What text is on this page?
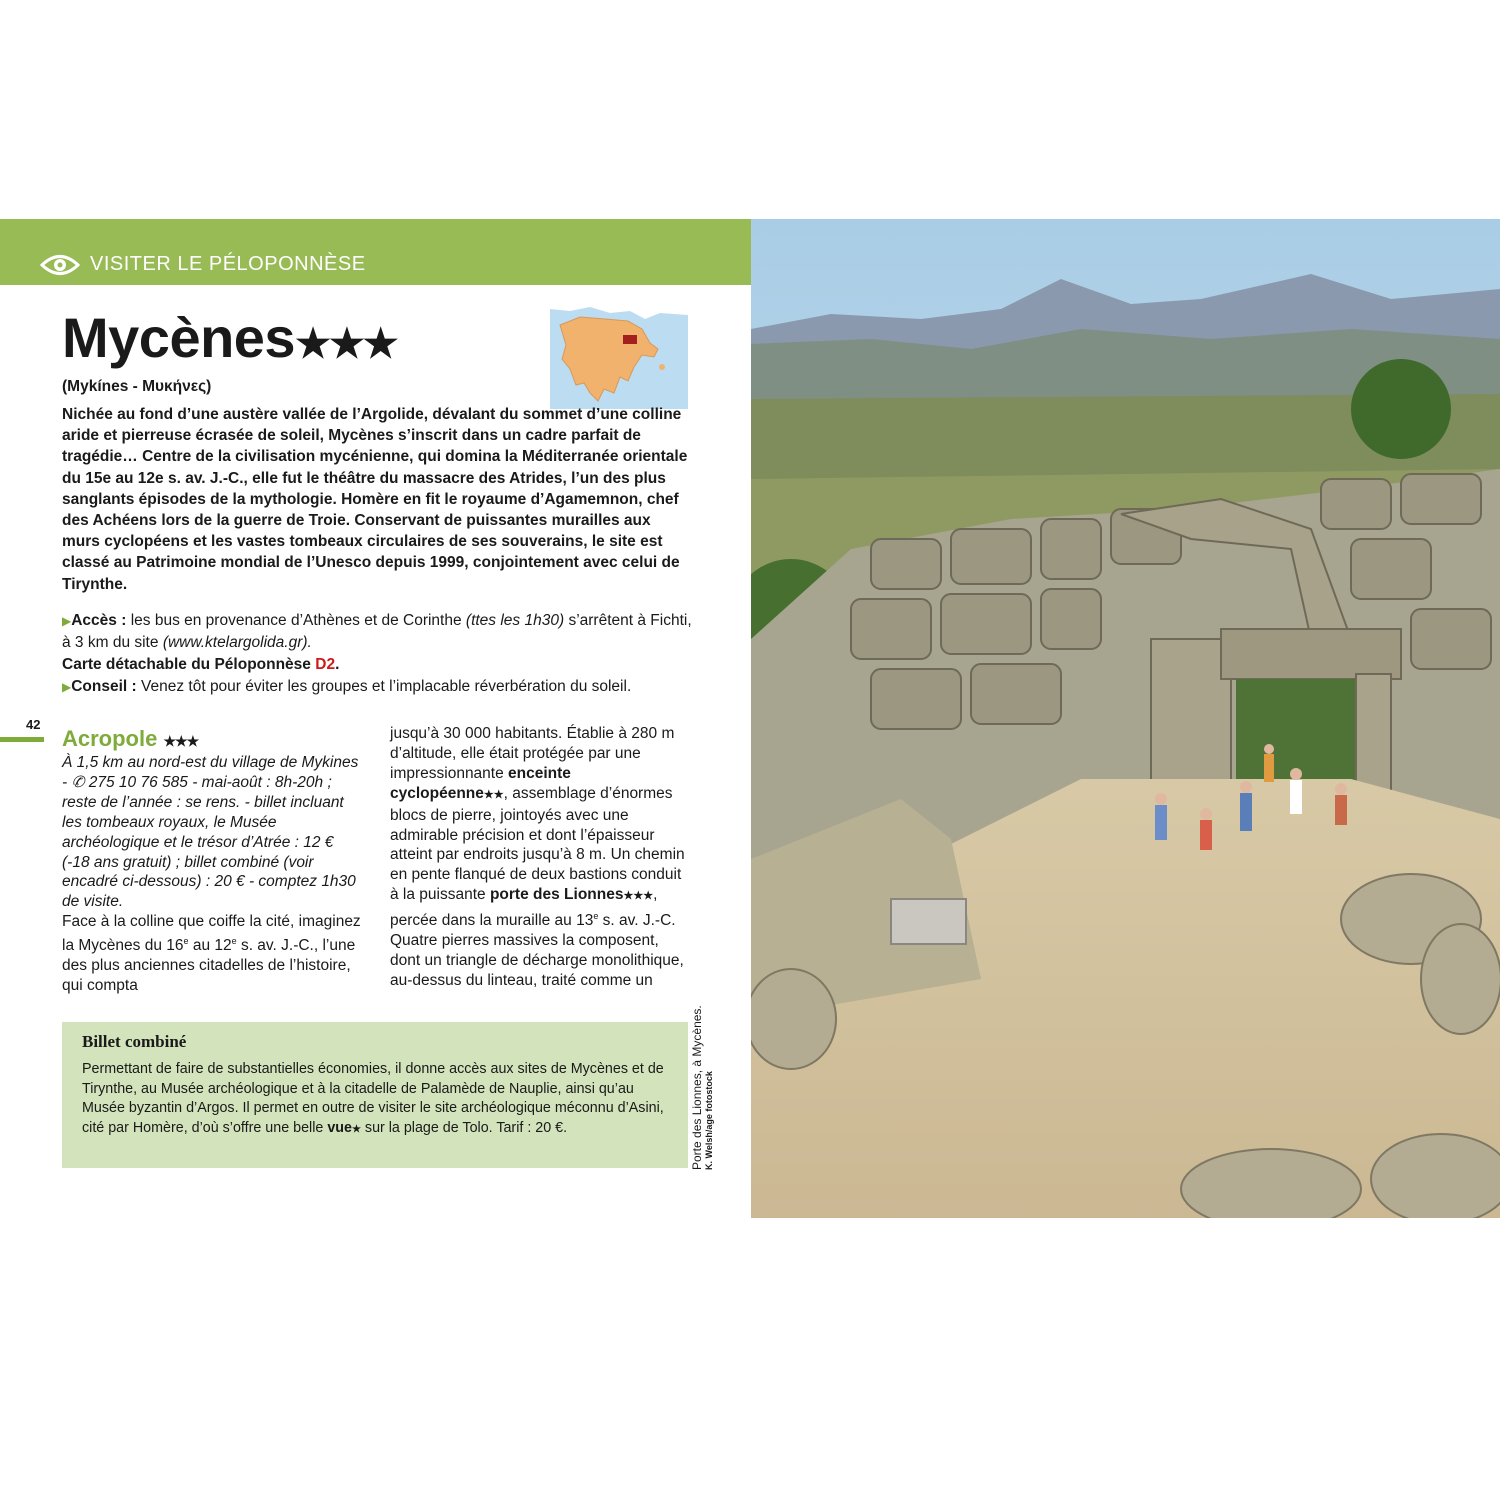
VISITER LE PÉLOPONNÈSE
Mycènes★★★
(Mykínes - Μυκήνες)

Nichée au fond d’une austère vallée de l’Argolide, dévalant du sommet d’une colline aride et pierreuse écrasée de soleil, Mycènes s’inscrit dans un cadre parfait de tragédie… Centre de la civilisation mycénienne, qui domina la Méditerranée orientale du 15e au 12e s. av. J.-C., elle fut le théâtre du massacre des Atrides, l’un des plus sanglants épisodes de la mythologie. Homère en fit le royaume d’Agamemnon, chef des Achéens lors de la guerre de Troie. Conservant de puissantes murailles aux murs cyclopéens et les vastes tombeaux circulaires de ses souverains, le site est classé au Patrimoine mondial de l’Unesco depuis 1999, conjointement avec celui de Tirynthe.

▶Accès : les bus en provenance d’Athènes et de Corinthe (ttes les 1h30) s’arrêtent à Fichti, à 3 km du site (www.ktelargolida.gr).
Carte détachable du Péloponnèse D2.
▶Conseil : Venez tôt pour éviter les groupes et l’implacable réverbération du soleil.
42
Acropole ★★★
À 1,5 km au nord-est du village de Mykines - ✆ 275 10 76 585 - mai-août : 8h-20h ; reste de l’année : se rens. - billet incluant les tombeaux royaux, le Musée archéologique et le trésor d’Atrée : 12 € (-18 ans gratuit) ; billet combiné (voir encadré ci-dessous) : 20 € - comptez 1h30 de visite.
Face à la colline que coiffe la cité, imaginez la Mycènes du 16e au 12e s. av. J.-C., l’une des plus anciennes citadelles de l’histoire, qui compta
jusqu’à 30 000 habitants. Établie à 280 m d’altitude, elle était protégée par une impressionnante enceinte cyclopéenne★★, assemblage d’énormes blocs de pierre, jointoyés avec une admirable précision et dont l’épaisseur atteint par endroits jusqu’à 8 m. Un chemin en pente flanqué de deux bastions conduit à la puissante porte des Lionnes★★★, percée dans la muraille au 13e s. av. J.-C. Quatre pierres massives la composent, dont un triangle de décharge monolithique, au-dessus du linteau, traité comme un
Billet combiné
Permettant de faire de substantielles économies, il donne accès aux sites de Mycènes et de Tirynthe, au Musée archéologique et à la citadelle de Palamède de Nauplie, ainsi qu’au Musée byzantin d’Argos. Il permet en outre de visiter le site archéologique méconnu d’Asini, cité par Homère, d’où s’offre une belle vue★ sur la plage de Tolo. Tarif : 20 €.	Porte des Lionnes, à Mycènes. K. Welsh/age fotostock
